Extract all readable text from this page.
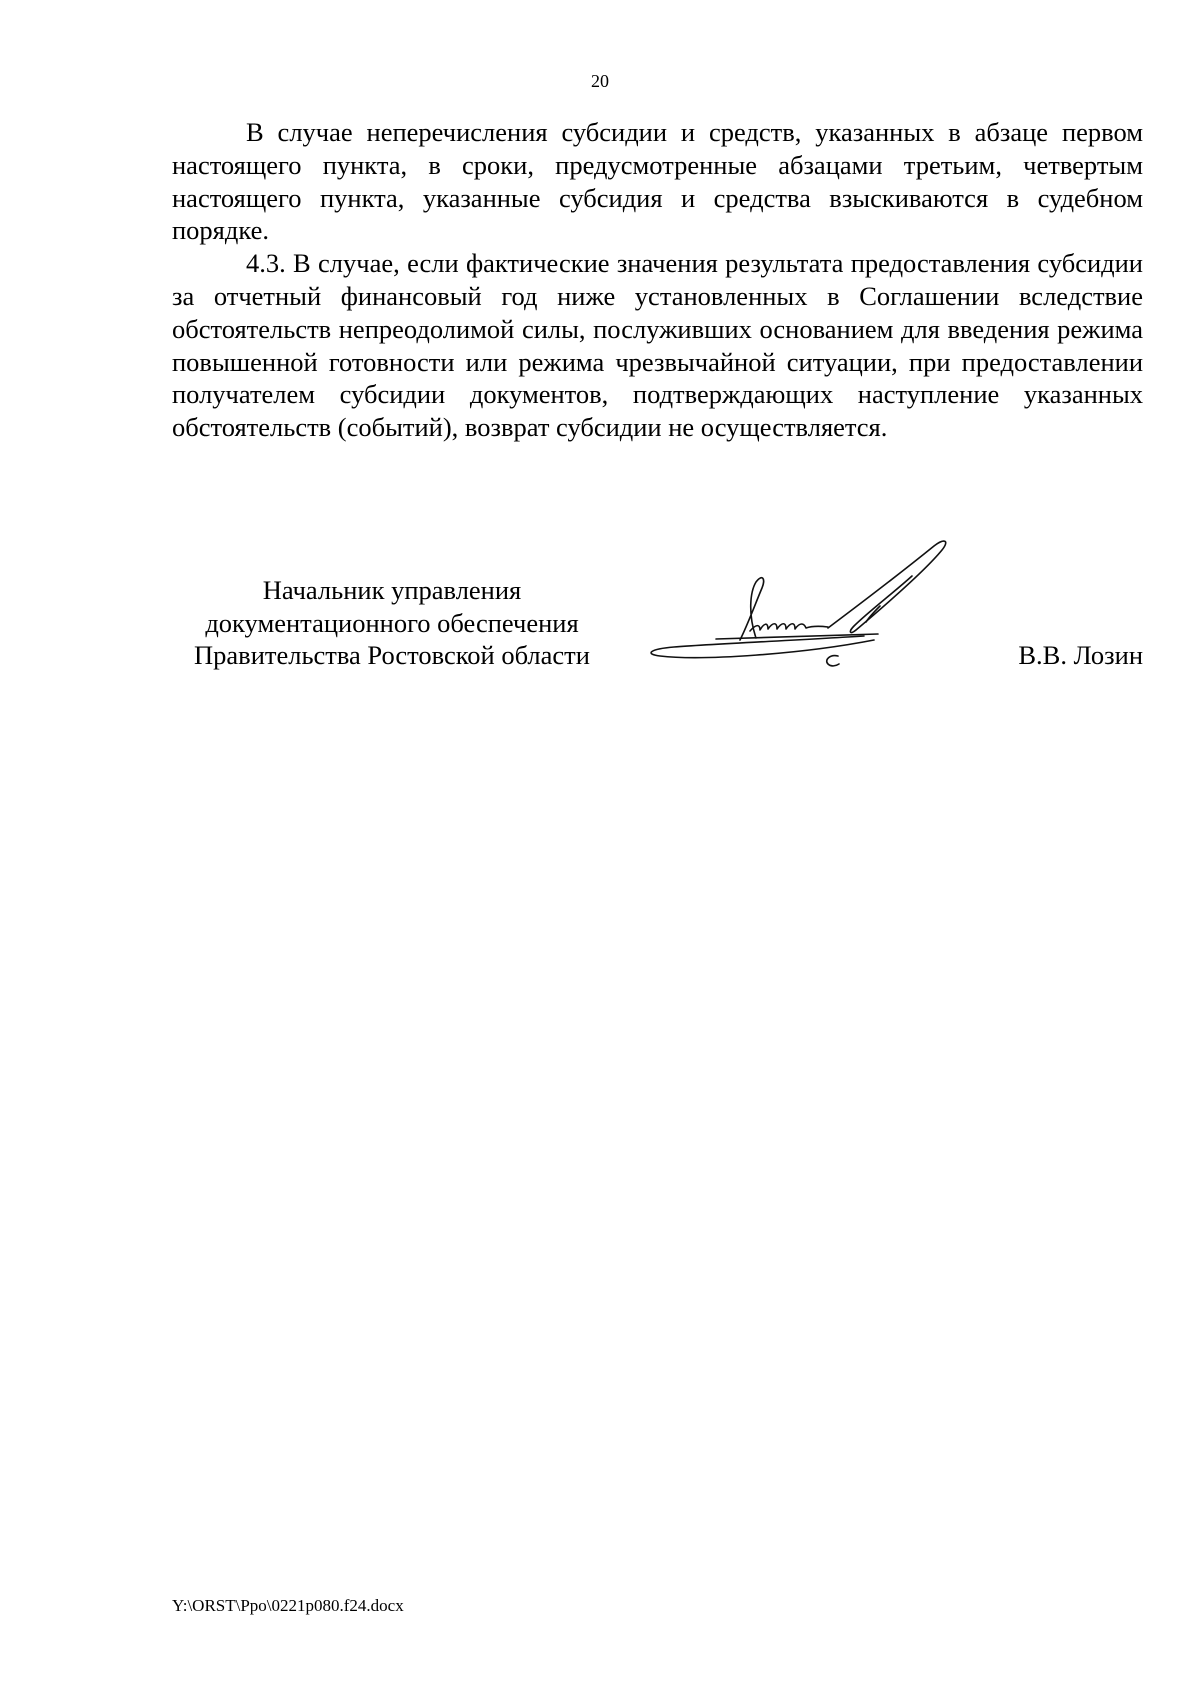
20

В случае неперечисления субсидии и средств, указанных в абзаце первом настоящего пункта, в сроки, предусмотренные абзацами третьим, четвертым настоящего пункта, указанные субсидия и средства взыскиваются в судебном порядке.

4.3. В случае, если фактические значения результата предоставления субсидии за отчетный финансовый год ниже установленных в Соглашении вследствие обстоятельств непреодолимой силы, послуживших основанием для введения режима повышенной готовности или режима чрезвычайной ситуации, при предоставлении получателем субсидии документов, подтверждающих наступление указанных обстоятельств (событий), возврат субсидии не осуществляется.

Начальник управления
документационного обеспечения
Правительства Ростовской области	В.В. Лозин
Y:\ORST\Ppo\0221p080.f24.docx
